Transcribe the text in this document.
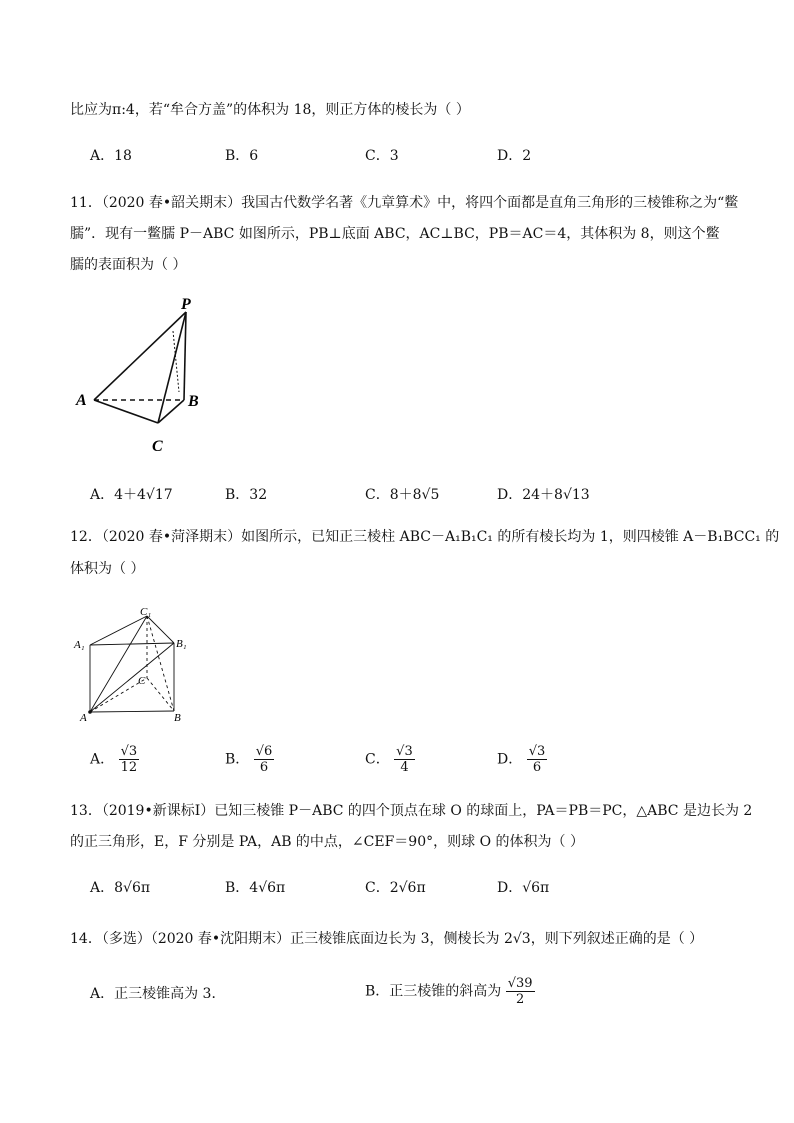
比应为π:4，若“牟合方盖”的体积为 18，则正方体的棱长为（ ）
A．18	B．6	C．3	D．2
11．（2020 春•韶关期末）我国古代数学名著《九章算术》中，将四个面都是直角三角形的三棱锥称之为“鳖
臑”．现有一鳖臑 P－ABC 如图所示，PB⊥底面 ABC，AC⊥BC，PB＝AC＝4，其体积为 8，则这个鳖
臑的表面积为（ ）
P
A	B
C
A．4＋4√17	B．32	C．8＋8√5	D．24＋8√13
12．（2020 春•菏泽期末）如图所示，已知正三棱柱 ABC－A₁B₁C₁ 的所有棱长均为 1，则四棱锥 A－B₁BCC₁ 的
体积为（ ）
C₁
A₁	B₁
C
A	B
A． $\frac{√3}{12}$	B． $\frac{√6}{6}$	C． $\frac{√3}{4}$	D． $\frac{√3}{6}$
13．（2019•新课标Ⅰ）已知三棱锥 P－ABC 的四个顶点在球 O 的球面上，PA＝PB＝PC，△ABC 是边长为 2
的正三角形，E，F 分别是 PA，AB 的中点，∠CEF＝90°，则球 O 的体积为（ ）
A．8√6π	B．4√6π	C．2√6π	D．√6π
14．（多选）（2020 春•沈阳期末）正三棱锥底面边长为 3，侧棱长为 2√3，则下列叙述正确的是（ ）
A．正三棱锥高为 3．	B．正三棱锥的斜高为 $\frac{√39}{2}$
